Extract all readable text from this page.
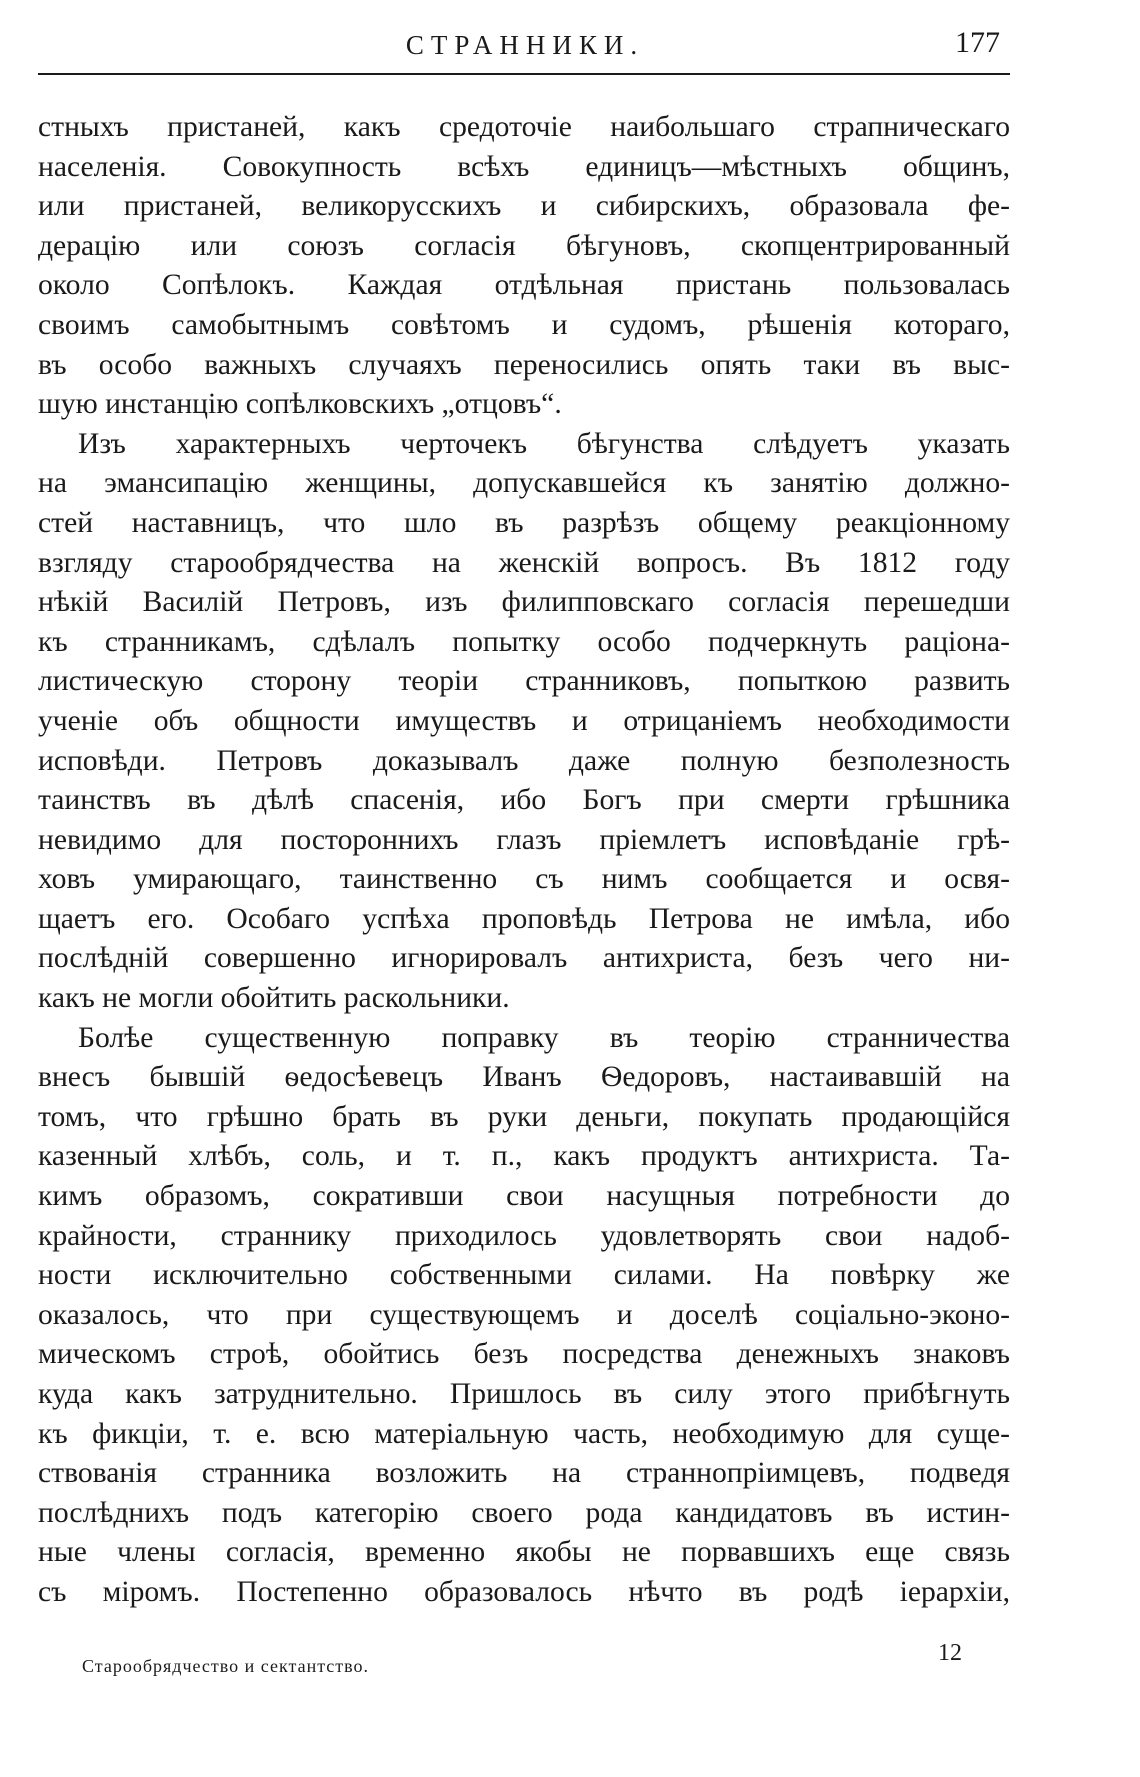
СТРАННИКИ.	177

стныхъ пристаней, какъ средоточіе наибольшаго страпническаго
населенія. Совокупность всѣхъ единицъ—мѣстныхъ общинъ,
или пристаней, великорусскихъ и сибирскихъ, образовала фе-
дерацію или союзъ согласія бѣгуновъ, скопцентрированный
около Сопѣлокъ. Каждая отдѣльная пристань пользовалась
своимъ самобытнымъ совѣтомъ и судомъ, рѣшенія котораго,
въ особо важныхъ случаяхъ переносились опять таки въ выс-
шую инстанцію сопѣлковскихъ „отцовъ“.

Изъ характерныхъ черточекъ бѣгунства слѣдуетъ указать
на эмансипацію женщины, допускавшейся къ занятію должно-
стей наставницъ, что шло въ разрѣзъ общему реакціонному
взгляду старообрядчества на женскій вопросъ. Въ 1812 году
нѣкій Василій Петровъ, изъ филипповскаго согласія перешедши
къ странникамъ, сдѣлалъ попытку особо подчеркнуть раціона-
листическую сторону теоріи странниковъ, попыткою развить
ученіе объ общности имуществъ и отрицаніемъ необходимости
исповѣди. Петровъ доказывалъ даже полную безполезность
таинствъ въ дѣлѣ спасенія, ибо Богъ при смерти грѣшника
невидимо для постороннихъ глазъ пріемлетъ исповѣданіе грѣ-
ховъ умирающаго, таинственно съ нимъ сообщается и освя-
щаетъ его. Особаго успѣха проповѣдь Петрова не имѣла, ибо
послѣдній совершенно игнорировалъ антихриста, безъ чего ни-
какъ не могли обойтить раскольники.

Болѣе существенную поправку въ теорію странничества
внесъ бывшій ѳедосѣевецъ Иванъ Ѳедоровъ, настаивавшій на
томъ, что грѣшно брать въ руки деньги, покупать продающійся
казенный хлѣбъ, соль, и т. п., какъ продуктъ антихриста. Та-
кимъ образомъ, сокративши свои насущныя потребности до
крайности, страннику приходилось удовлетворять свои надоб-
ности исключительно собственными силами. На повѣрку же
оказалось, что при существующемъ и доселѣ соціально-эконо-
мическомъ строѣ, обойтись безъ посредства денежныхъ знаковъ
куда какъ затруднительно. Пришлось въ силу этого прибѣгнуть
къ фикціи, т. е. всю матеріальную часть, необходимую для суще-
ствованія странника возложить на страннопріимцевъ, подведя
послѣднихъ подъ категорію своего рода кандидатовъ въ истин-
ные члены согласія, временно якобы не порвавшихъ еще связь
съ міромъ. Постепенно образовалось нѣчто въ родѣ іерархіи,

Старообрядчество и сектантство.	12
